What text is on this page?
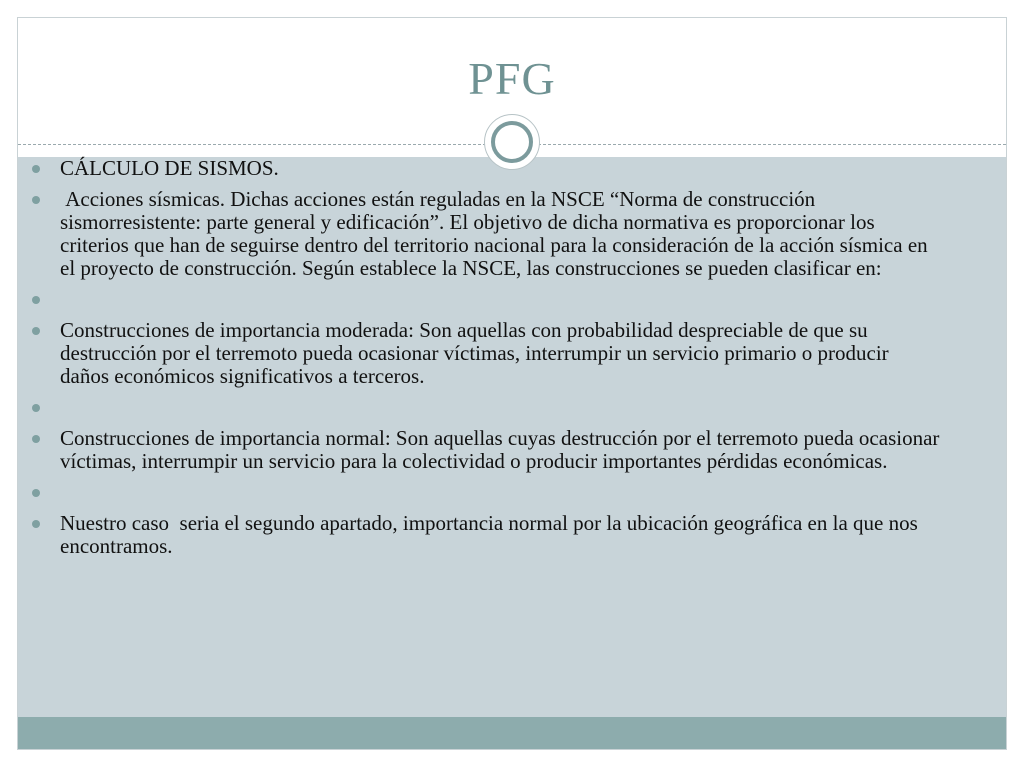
PFG
CÁLCULO DE SISMOS.
Acciones sísmicas. Dichas acciones están reguladas en la NSCE “Norma de construcción sismorresistente: parte general y edificación”. El objetivo de dicha normativa es proporcionar los criterios que han de seguirse dentro del territorio nacional para la consideración de la acción sísmica en el proyecto de construcción. Según establece la NSCE, las construcciones se pueden clasificar en:
Construcciones de importancia moderada: Son aquellas con probabilidad despreciable de que su destrucción por el terremoto pueda ocasionar víctimas, interrumpir un servicio primario o producir daños económicos significativos a terceros.
Construcciones de importancia normal: Son aquellas cuyas destrucción por el terremoto pueda ocasionar víctimas, interrumpir un servicio para la colectividad o producir importantes pérdidas económicas.
Nuestro caso  seria el segundo apartado, importancia normal por la ubicación geográfica en la que nos encontramos.
